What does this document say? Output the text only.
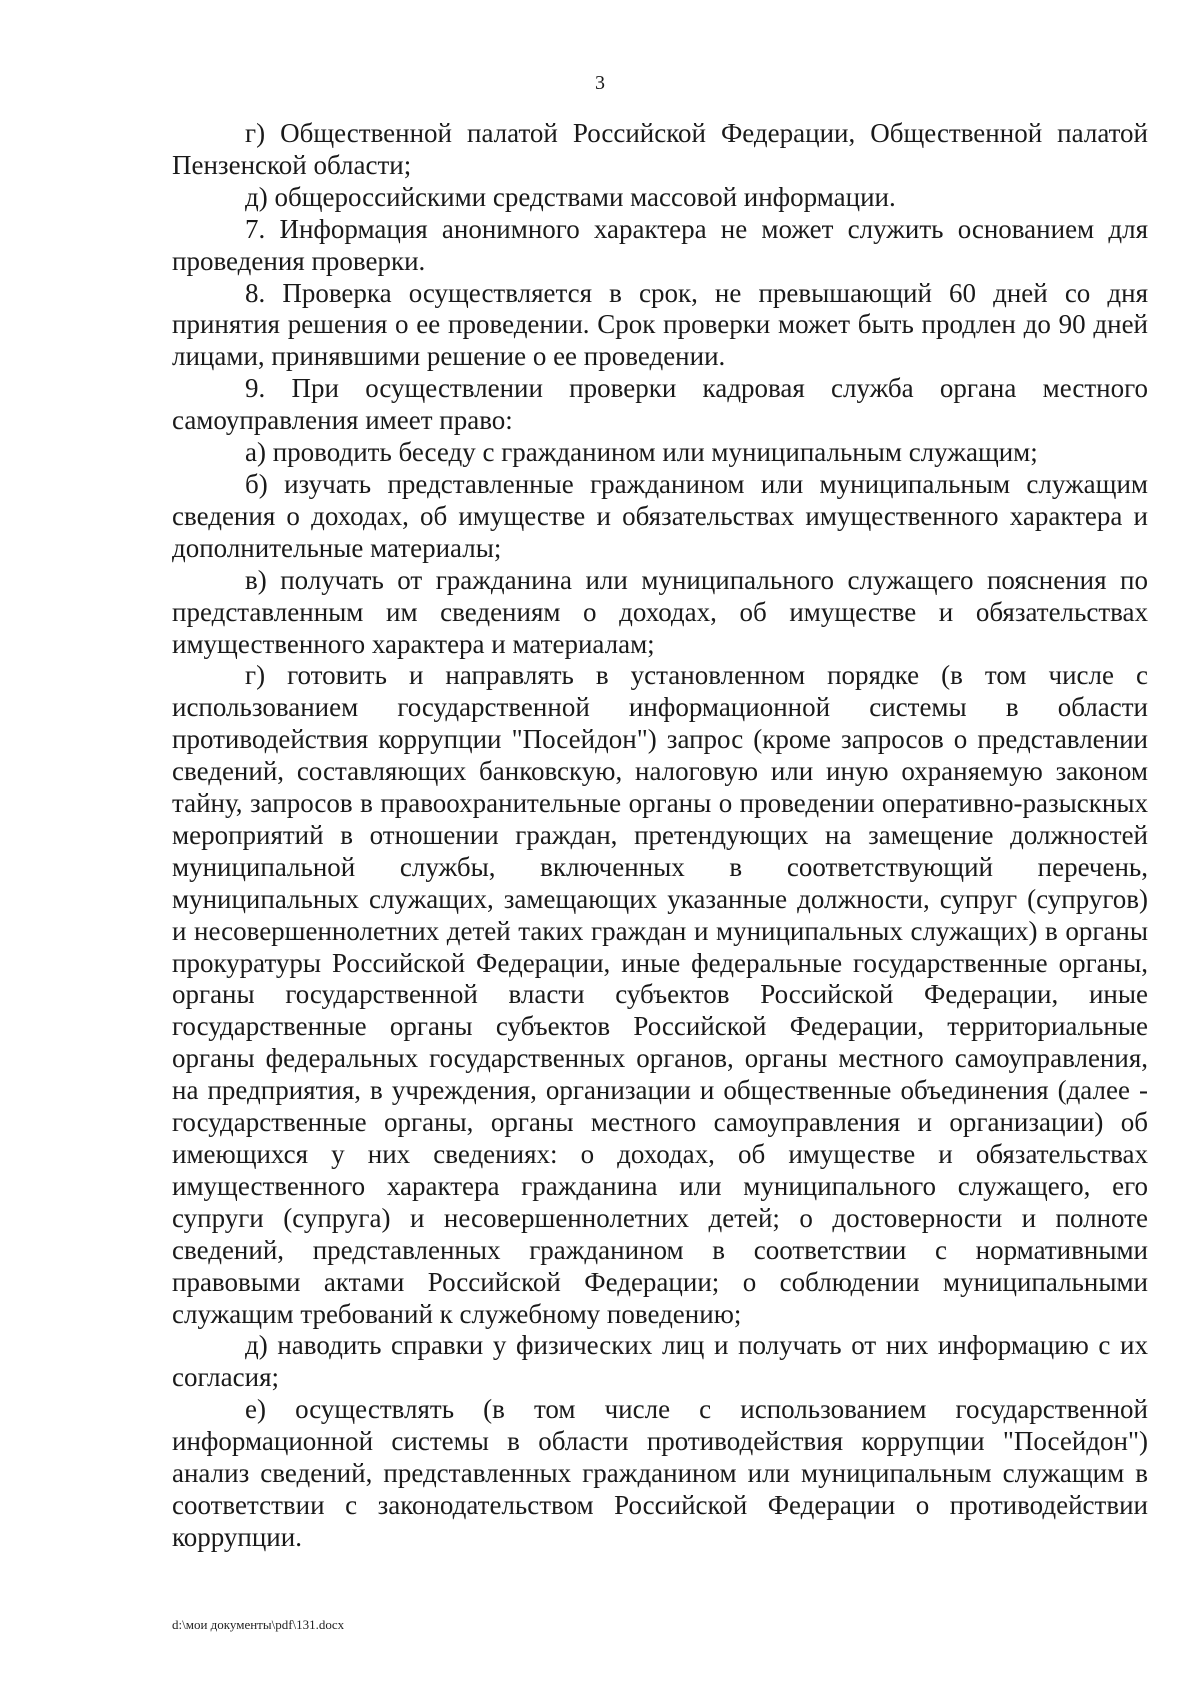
3

г) Общественной палатой Российской Федерации, Общественной палатой Пензенской области;

д) общероссийскими средствами массовой информации.

7. Информация анонимного характера не может служить основанием для проведения проверки.

8. Проверка осуществляется в срок, не превышающий 60 дней со дня принятия решения о ее проведении. Срок проверки может быть продлен до 90 дней лицами, принявшими решение о ее проведении.

9. При осуществлении проверки кадровая служба органа местного самоуправления имеет право:

а) проводить беседу с гражданином или муниципальным служащим;

б) изучать представленные гражданином или муниципальным служащим сведения о доходах, об имуществе и обязательствах имущественного характера и дополнительные материалы;

в) получать от гражданина или муниципального служащего пояснения по представленным им сведениям о доходах, об имуществе и обязательствах имущественного характера и материалам;

г) готовить и направлять в установленном порядке (в том числе с использованием государственной информационной системы в области противодействия коррупции "Посейдон") запрос (кроме запросов о представлении сведений, составляющих банковскую, налоговую или иную охраняемую законом тайну, запросов в правоохранительные органы о проведении оперативно-разыскных мероприятий в отношении граждан, претендующих на замещение должностей муниципальной службы, включенных в соответствующий перечень, муниципальных служащих, замещающих указанные должности, супруг (супругов) и несовершеннолетних детей таких граждан и муниципальных служащих) в органы прокуратуры Российской Федерации, иные федеральные государственные органы, органы государственной власти субъектов Российской Федерации, иные государственные органы субъектов Российской Федерации, территориальные органы федеральных государственных органов, органы местного самоуправления, на предприятия, в учреждения, организации и общественные объединения (далее - государственные органы, органы местного самоуправления и организации) об имеющихся у них сведениях: о доходах, об имуществе и обязательствах имущественного характера гражданина или муниципального служащего, его супруги (супруга) и несовершеннолетних детей; о достоверности и полноте сведений, представленных гражданином в соответствии с нормативными правовыми актами Российской Федерации; о соблюдении муниципальными служащим требований к служебному поведению;

д) наводить справки у физических лиц и получать от них информацию с их согласия;

е) осуществлять (в том числе с использованием государственной информационной системы в области противодействия коррупции "Посейдон") анализ сведений, представленных гражданином или муниципальным служащим в соответствии с законодательством Российской Федерации о противодействии коррупции.

d:\мои документы\pdf\131.docx
